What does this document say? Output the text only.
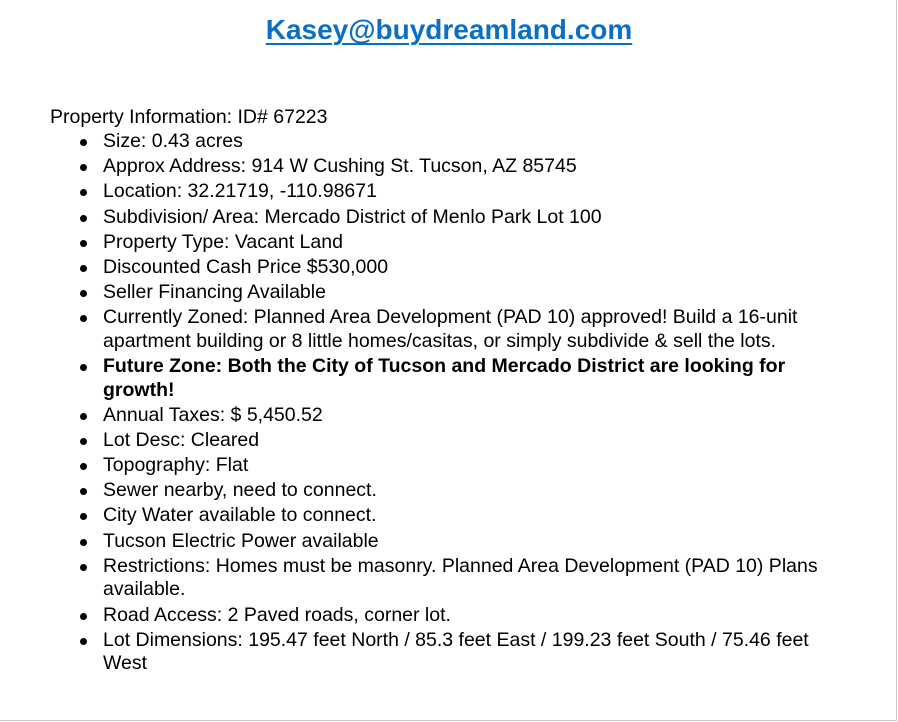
Kasey@buydreamland.com
Property Information: ID# 67223
Size: 0.43 acres
Approx Address: 914 W Cushing St. Tucson, AZ 85745
Location: 32.21719, -110.98671
Subdivision/ Area: Mercado District of Menlo Park Lot 100
Property Type: Vacant Land
Discounted Cash Price $530,000
Seller Financing Available
Currently Zoned: Planned Area Development (PAD 10) approved! Build a 16-unit apartment building or 8 little homes/casitas, or simply subdivide & sell the lots.
Future Zone: Both the City of Tucson and Mercado District are looking for growth!
Annual Taxes: $ 5,450.52
Lot Desc: Cleared
Topography: Flat
Sewer nearby, need to connect.
City Water available to connect.
Tucson Electric Power available
Restrictions: Homes must be masonry. Planned Area Development (PAD 10) Plans available.
Road Access: 2 Paved roads, corner lot.
Lot Dimensions: 195.47 feet North / 85.3 feet East / 199.23 feet South / 75.46 feet West
